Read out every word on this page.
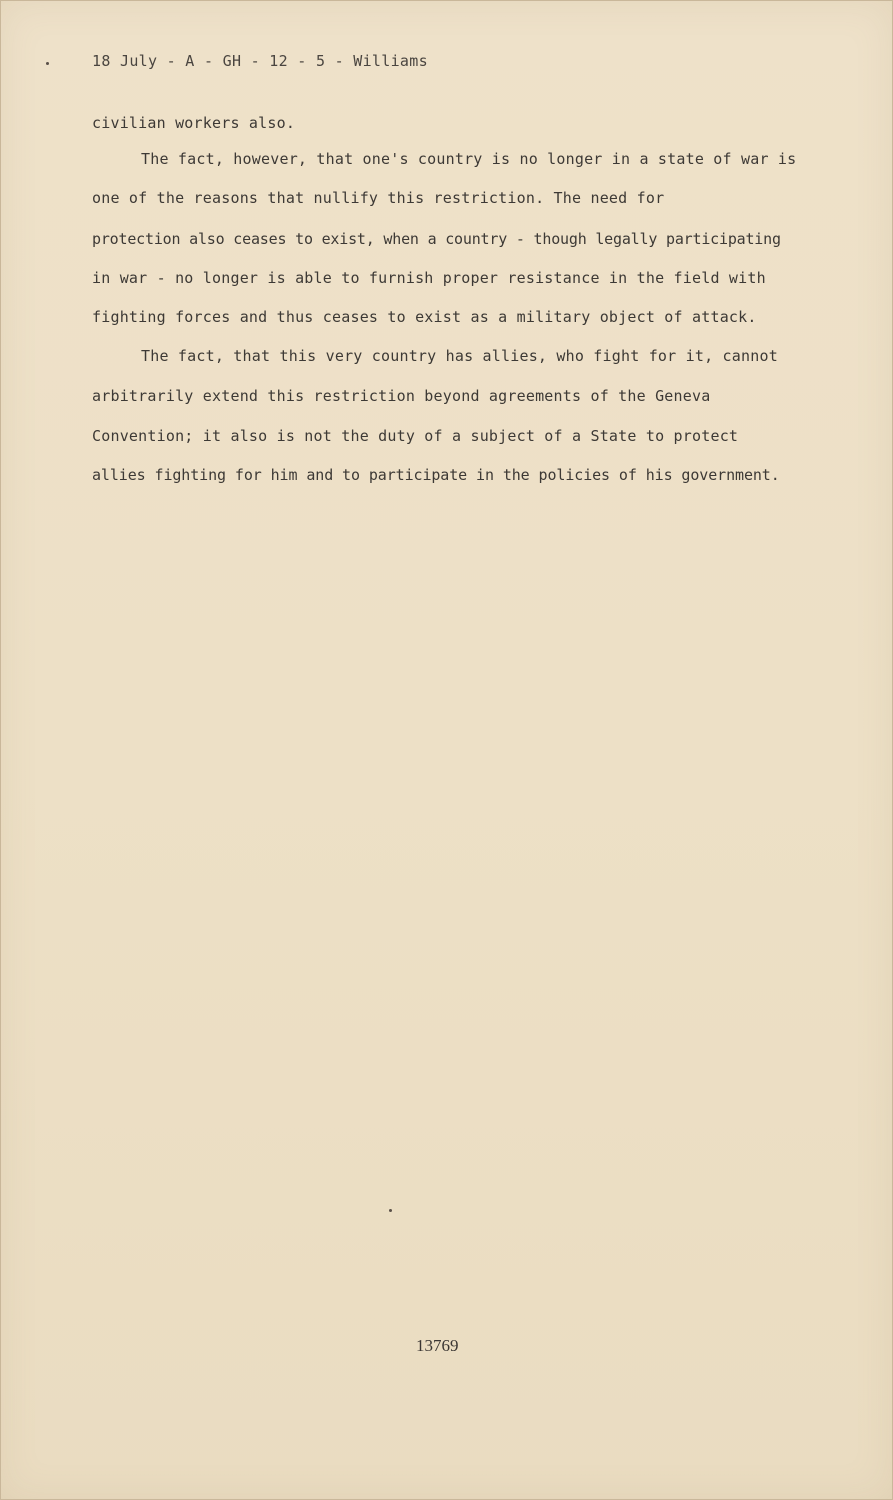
18 July - A - GH - 12 - 5 - Williams
civilian workers also.
The fact, however, that one's country is no longer in a state of war is
one of the reasons that nullify this restriction. The need for
protection also ceases to exist, when a country - though legally participating
in war - no longer is able to furnish proper resistance in the field with
fighting forces and thus ceases to exist as a military object of attack.
The fact, that this very country has allies, who fight for it, cannot
arbitrarily extend this restriction beyond agreements of the Geneva
Convention; it also is not the duty of a subject of a State to protect
allies fighting for him and to participate in the policies of his government.
13769
